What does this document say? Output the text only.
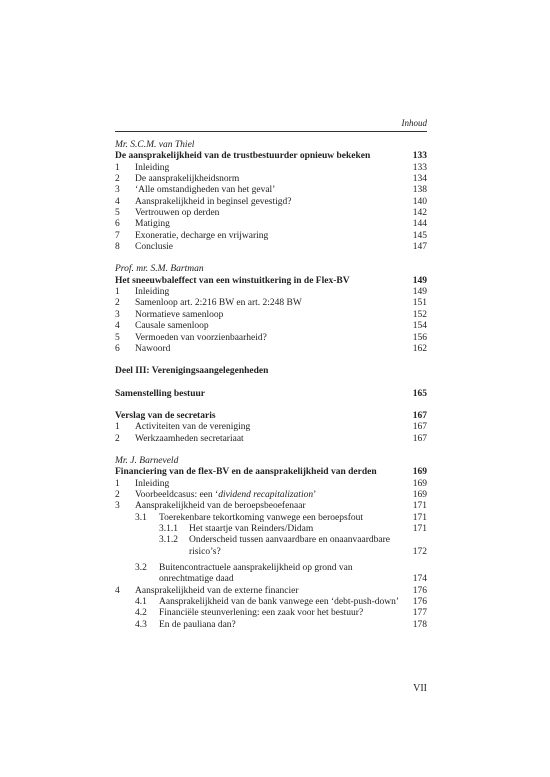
Inhoud
Mr. S.C.M. van Thiel
De aansprakelijkheid van de trustbestuurder opnieuw bekeken	133
1 Inleiding	133
2 De aansprakelijkheidsnorm	134
3 ‘Alle omstandigheden van het geval’	138
4 Aansprakelijkheid in beginsel gevestigd?	140
5 Vertrouwen op derden	142
6 Matiging	144
7 Exoneratie, decharge en vrijwaring	145
8 Conclusie	147
Prof. mr. S.M. Bartman
Het sneeuwbaleffect van een winstuitkering in de Flex-BV	149
1 Inleiding	149
2 Samenloop art. 2:216 BW en art. 2:248 BW	151
3 Normatieve samenloop	152
4 Causale samenloop	154
5 Vermoeden van voorzienbaarheid?	156
6 Nawoord	162
Deel III: Verenigingsaangelegenheden
Samenstelling bestuur	165
Verslag van de secretaris	167
1 Activiteiten van de vereniging	167
2 Werkzaamheden secretariaat	167
Mr. J. Barneveld
Financiering van de flex-BV en de aansprakelijkheid van derden	169
1 Inleiding	169
2 Voorbeeldcasus: een ‘dividend recapitalization’	169
3 Aansprakelijkheid van de beroepsbeoefenaar	171
3.1 Toerekenbare tekortkoming vanwege een beroepsfout	171
3.1.1 Het staartje van Reinders/Didam	171
3.1.2 Onderscheid tussen aanvaardbare en onaanvaardbare
risico’s?	172
3.2 Buitencontractuele aansprakelijkheid op grond van
onrechtmatige daad	174
4 Aansprakelijkheid van de externe financier	176
4.1 Aansprakelijkheid van de bank vanwege een ‘debt-push-down’ 176
4.2 Financiële steunverlening: een zaak voor het bestuur?	177
4.3 En de pauliana dan?	178
VII
